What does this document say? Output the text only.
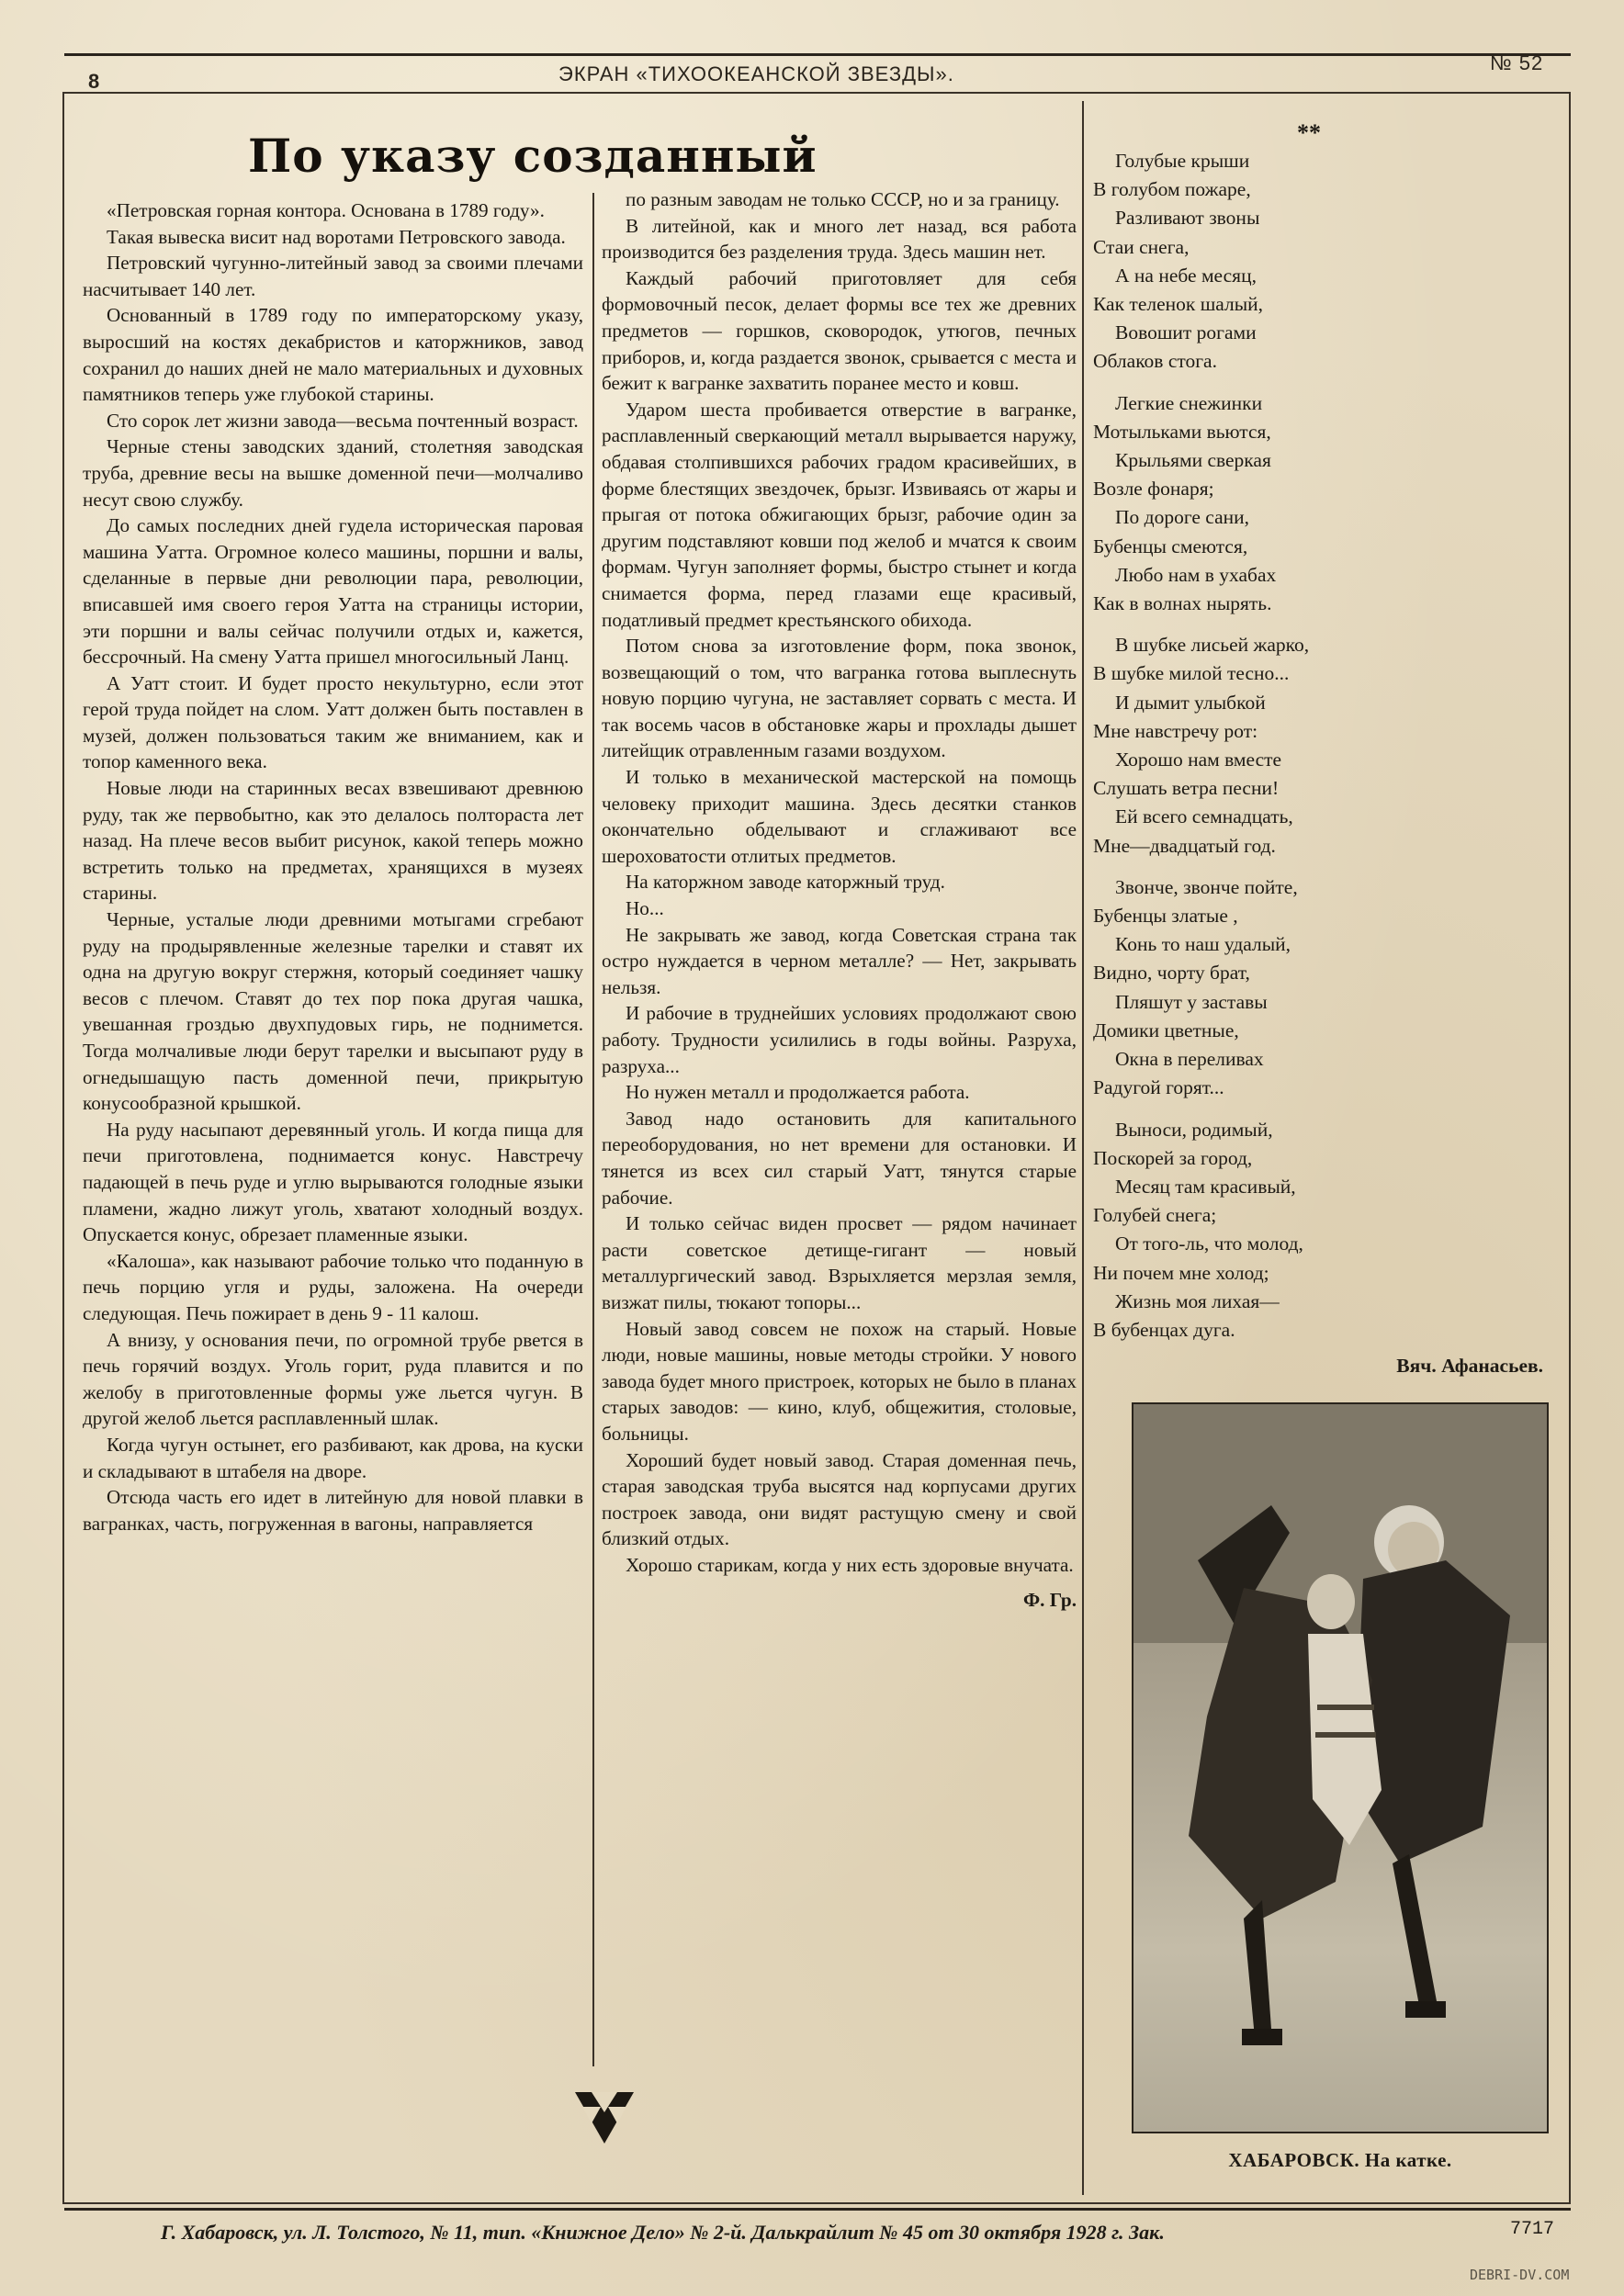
8	ЭКРАН «ТИХООКЕАНСКОЙ ЗВЕЗДЫ».	№ 52
По указу созданный

«Петровская горная контора. Основана в 1789 году».

Такая вывеска висит над воротами Петровского завода.

Петровский чугунно-литейный завод за своими плечами насчитывает 140 лет.

Основанный в 1789 году по императорскому указу, выросший на костях декабристов и каторжников, завод сохранил до наших дней не мало материальных и духовных памятников теперь уже глубокой старины.

Сто сорок лет жизни завода—весьма почтенный возраст.

Черные стены заводских зданий, столетняя заводская труба, древние весы на вышке доменной печи—молчаливо несут свою службу.

До самых последних дней гудела историческая паровая машина Уатта. Огромное колесо машины, поршни и валы, сделанные в первые дни революции пара, революции, вписавшей имя своего героя Уатта на страницы истории, эти поршни и валы сейчас получили отдых и, кажется, бессрочный. На смену Уатта пришел многосильный Ланц.

А Уатт стоит. И будет просто некультурно, если этот герой труда пойдет на слом. Уатт должен быть поставлен в музей, должен пользоваться таким же вниманием, как и топор каменного века.

Новые люди на старинных весах взвешивают древнюю руду, так же первобытно, как это делалось полтораста лет назад. На плече весов выбит рисунок, какой теперь можно встретить только на предметах, хранящихся в музеях старины.

Черные, усталые люди древними мотыгами сгребают руду на продырявленные железные тарелки и ставят их одна на другую вокруг стержня, который соединяет чашку весов с плечом. Ставят до тех пор пока другая чашка, увешанная гроздью двухпудовых гирь, не поднимется. Тогда молчаливые люди берут тарелки и высыпают руду в огнедышащую пасть доменной печи, прикрытую конусообразной крышкой.

На руду насыпают деревянный уголь. И когда пища для печи приготовлена, поднимается конус. Навстречу падающей в печь руде и углю вырываются голодные языки пламени, жадно лижут уголь, хватают холодный воздух. Опускается конус, обрезает пламенные языки.

«Калоша», как называют рабочие только что поданную в печь порцию угля и руды, заложена. На очереди следующая. Печь пожирает в день 9 - 11 калош.

А внизу, у основания печи, по огромной трубе рвется в печь горячий воздух. Уголь горит, руда плавится и по желобу в приготовленные формы уже льется чугун. В другой желоб льется расплавленный шлак.

Когда чугун остынет, его разбивают, как дрова, на куски и складывают в штабеля на дворе.

Отсюда часть его идет в литейную для новой плавки в вагранках, часть, погруженная в вагоны, направляется

по разным заводам не только СССР, но и за границу.

В литейной, как и много лет назад, вся работа производится без разделения труда. Здесь машин нет.

Каждый рабочий приготовляет для себя формовочный песок, делает формы все тех же древних предметов — горшков, сковородок, утюгов, печных приборов, и, когда раздается звонок, срывается с места и бежит к вагранке захватить поранее место и ковш.

Ударом шеста пробивается отверстие в вагранке, расплавленный сверкающий металл вырывается наружу, обдавая столпившихся рабочих градом красивейших, в форме блестящих звездочек, брызг. Извиваясь от жары и прыгая от потока обжигающих брызг, рабочие один за другим подставляют ковши под желоб и мчатся к своим формам. Чугун заполняет формы, быстро стынет и когда снимается форма, перед глазами еще красивый, податливый предмет крестьянского обихода.

Потом снова за изготовление форм, пока звонок, возвещающий о том, что вагранка готова выплеснуть новую порцию чугуна, не заставляет сорвать с места. И так восемь часов в обстановке жары и прохлады дышет литейщик отравленным газами воздухом.

И только в механической мастерской на помощь человеку приходит машина. Здесь десятки станков окончательно обделывают и сглаживают все шероховатости отлитых предметов.

На каторжном заводе каторжный труд.

Но...

Не закрывать же завод, когда Советская страна так остро нуждается в черном металле? — Нет, закрывать нельзя.

И рабочие в труднейших условиях продолжают свою работу. Трудности усилились в годы войны. Разруха, разруха...

Но нужен металл и продолжается работа.

Завод надо остановить для капитального переоборудования, но нет времени для остановки. И тянется из всех сил старый Уатт, тянутся старые рабочие.

И только сейчас виден просвет — рядом начинает расти советское детище-гигант — новый металлургический завод. Взрыхляется мерзлая земля, визжат пилы, тюкают топоры...

Новый завод совсем не похож на старый. Новые люди, новые машины, новые методы стройки. У нового завода будет много пристроек, которых не было в планах старых заводов: — кино, клуб, общежития, столовые, больницы.

Хороший будет новый завод. Старая доменная печь, старая заводская труба высятся над корпусами других построек завода, они видят растущую смену и свой близкий отдых.

Хорошо старикам, когда у них есть здоровые внучата.

Ф. Гр.

**
Голубые крыши
В голубом пожаре,
Разливают звоны
Стаи снега,
А на небе месяц,
Как теленок шалый,
Вовошит рогами
Облаков стога.
Легкие снежинки
Мотыльками вьются,
Крыльями сверкая
Возле фонаря;
По дороге сани,
Бубенцы смеются,
Любо нам в ухабах
Как в волнах нырять.
В шубке лисьей жарко,
В шубке милой тесно...
И дымит улыбкой
Мне навстречу рот:
Хорошо нам вместе
Слушать ветра песни!
Ей всего семнадцать,
Мне—двадцатый год.
Звонче, звонче пойте,
Бубенцы златые ,
Конь то наш удалый,
Видно, чорту брат,
Пляшут у заставы
Домики цветные,
Окна в переливах
Радугой горят...
Выноси, родимый,
Поскорей за город,
Месяц там красивый,
Голубей снега;
От того-ль, что молод,
Ни почем мне холод;
Жизнь моя лихая—
В бубенцах дуга.
Вяч. Афанасьев.
ХАБАРОВСК. На катке.
Г. Хабаровск, ул. Л. Толстого, № 11, тип. «Книжное Дело» № 2-й. Далькрайлит № 45 от 30 октября 1928 г. Зак.	7717
DEBRI-DV.COM
